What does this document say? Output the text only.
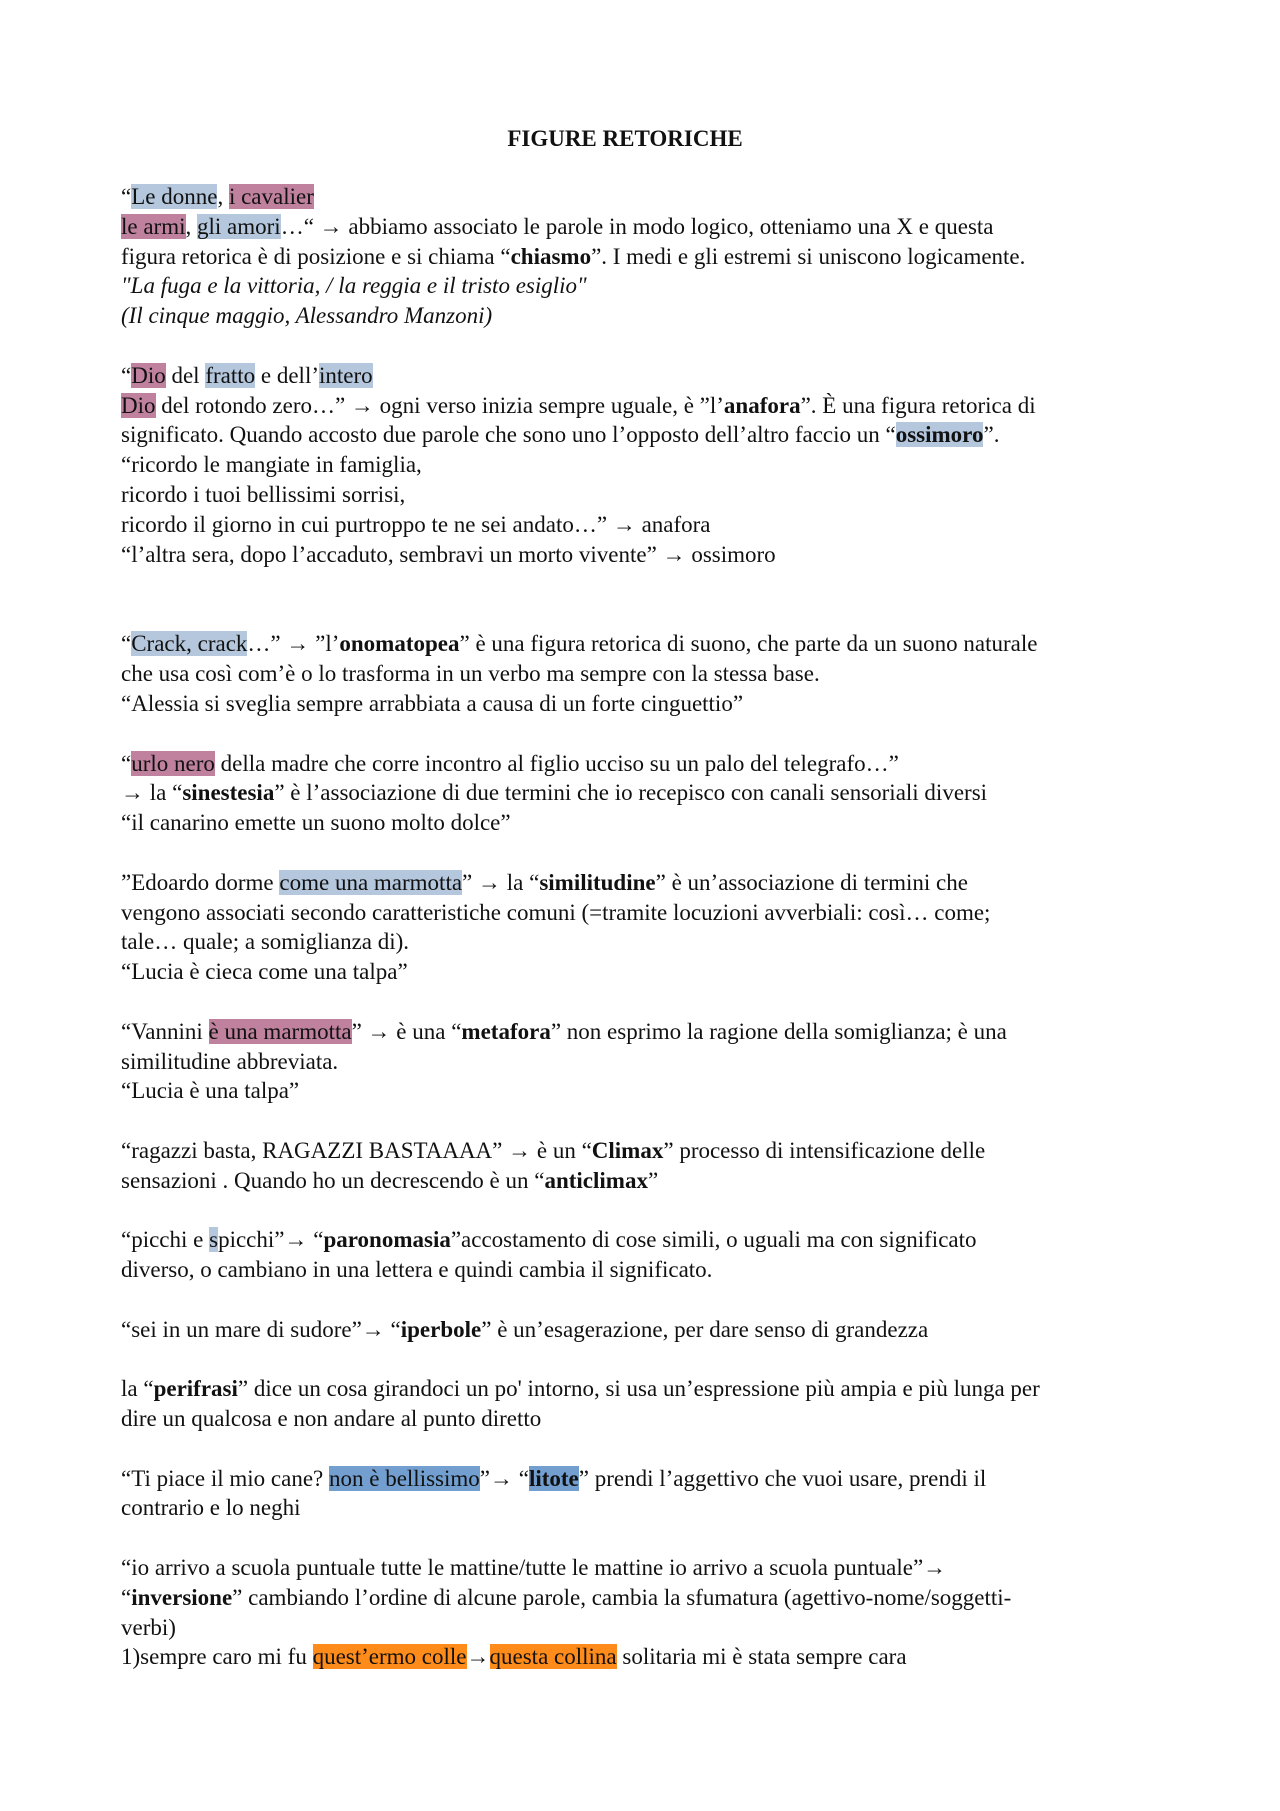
FIGURE RETORICHE
“Le donne, i cavalier
le armi, gli amori…“ → abbiamo associato le parole in modo logico, otteniamo una X e questa
figura retorica è di posizione e si chiama “chiasmo”. I medi e gli estremi si uniscono logicamente.
"La fuga e la vittoria, / la reggia e il tristo esiglio"
(Il cinque maggio, Alessandro Manzoni)
“Dio del fratto e dell’intero
Dio del rotondo zero…” → ogni verso inizia sempre uguale, è ”l’anafora”. È una figura retorica di
significato. Quando accosto due parole che sono uno l’opposto dell’altro faccio un “ossimoro”.
“ricordo le mangiate in famiglia,
ricordo i tuoi bellissimi sorrisi,
ricordo il giorno in cui purtroppo te ne sei andato…” → anafora
“l’altra sera, dopo l’accaduto, sembravi un morto vivente” → ossimoro
“Crack, crack…” → ”l’onomatopea” è una figura retorica di suono, che parte da un suono naturale
che usa così com’è o lo trasforma in un verbo ma sempre con la stessa base.
“Alessia si sveglia sempre arrabbiata a causa di un forte cinguettio”
“urlo nero della madre che corre incontro al figlio ucciso su un palo del telegrafo…”
→ la “sinestesia” è l’associazione di due termini che io recepisco con canali sensoriali diversi
“il canarino emette un suono molto dolce”
”Edoardo dorme come una marmotta” → la “similitudine” è un’associazione di termini che
vengono associati secondo caratteristiche comuni (=tramite locuzioni avverbiali: così… come;
tale… quale; a somiglianza di).
“Lucia è cieca come una talpa”
“Vannini è una marmotta” → è una “metafora” non esprimo la ragione della somiglianza; è una
similitudine abbreviata.
“Lucia è una talpa”
“ragazzi basta, RAGAZZI BASTAAAA” → è un “Climax” processo di intensificazione delle
sensazioni . Quando ho un decrescendo è un “anticlimax”
“picchi e spicchi”→ “paronomasia”accostamento di cose simili, o uguali ma con significato
diverso, o cambiano in una lettera e quindi cambia il significato.
“sei in un mare di sudore”→ “iperbole” è un’esagerazione, per dare senso di grandezza
la “perifrasi” dice un cosa girandoci un po' intorno, si usa un’espressione più ampia e più lunga per
dire un qualcosa e non andare al punto diretto
“Ti piace il mio cane? non è bellissimo”→ “litote” prendi l’aggettivo che vuoi usare, prendi il
contrario e lo neghi
“io arrivo a scuola puntuale tutte le mattine/tutte le mattine io arrivo a scuola puntuale”→
“inversione” cambiando l’ordine di alcune parole, cambia la sfumatura (agettivo-nome/soggetti-
verbi)
1)sempre caro mi fu quest’ermo colle→questa collina solitaria mi è stata sempre cara
